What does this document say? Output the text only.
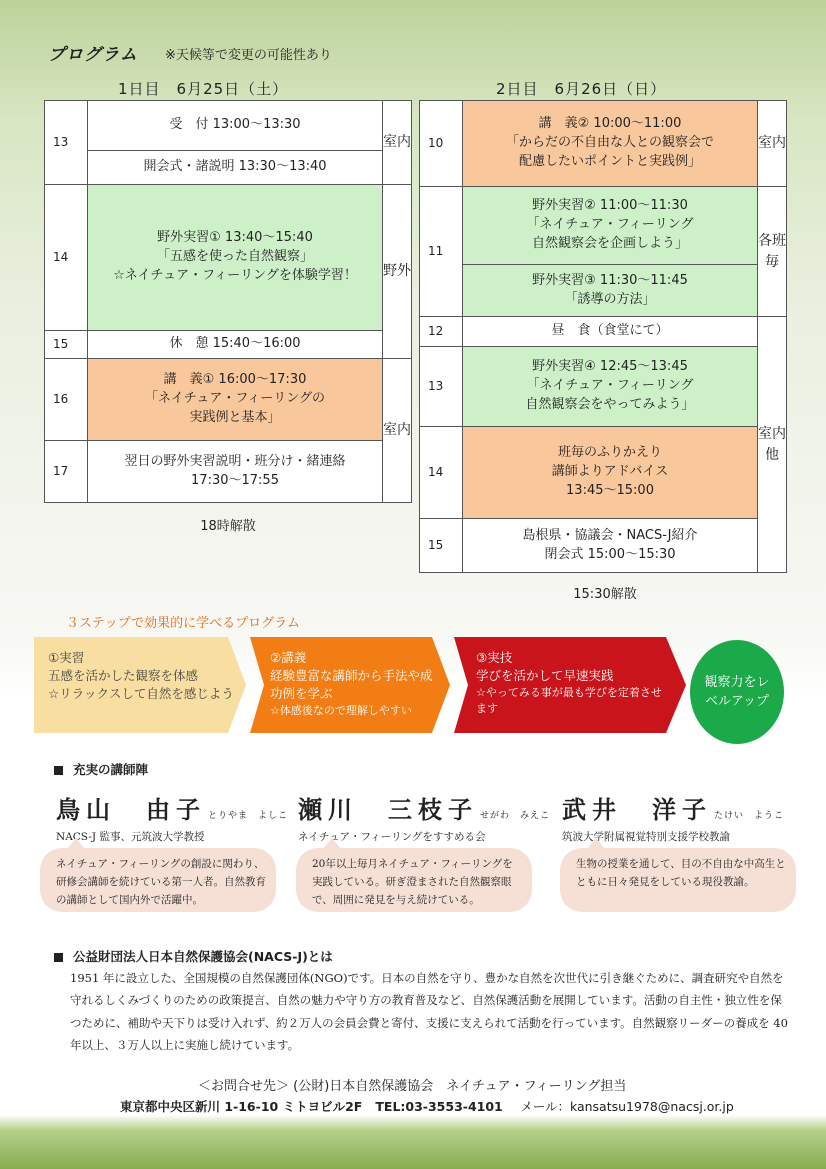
プログラム ※天候等で変更の可能性あり
1日目　6月25日（土）
13	受　付 13:00〜13:30	室内

	開会式・諸説明 13:30〜13:40	

14	野外実習① 13:40〜15:40
「五感を使った自然観察」
☆ネイチュア・フィーリングを体験学習！	野外
15	休　憩 15:40〜16:00	

16	講　義① 16:00〜17:30
「ネイチュア・フィーリングの
実践例と基本」	室内
17	翌日の野外実習説明・班分け・緒連絡
17:30〜17:55	
18時解散
2日目　6月26日（日）
10	講　義② 10:00〜11:00
「からだの不自由な人との観察会で
配慮したいポイントと実践例」	室内
11	野外実習② 11:00〜11:30
「ネイチュア・フィーリング
自然観察会を企画しよう」	各班毎

	野外実習③ 11:30〜11:45
「誘導の方法」	

12	昼　食（食堂にて）	室内他
13	野外実習④ 12:45〜13:45
「ネイチュア・フィーリング
自然観察会をやってみよう」	

14	班毎のふりかえり
講師よりアドバイス
13:45〜15:00	

15	島根県・協議会・NACS-J紹介
閉会式 15:00〜15:30	
15:30解散
３ステップで効果的に学べるプログラム
①実習
五感を活かした観察を体感
☆リラックスして自然を感じよう
②講義
経験豊富な講師から手法や成功例を学ぶ
☆体感後なので理解しやすい
③実技
学びを活かして早速実践
☆やってみる事が最も学びを定着させます
観察力をレベルアップ
充実の講師陣
鳥山　由子 とりやま　よしこ
NACS-J 監事、元筑波大学教授
瀬川　三枝子 せがわ　みえこ
ネイチュア・フィーリングをすすめる会
武井　洋子 たけい　ようこ
筑波大学附属視覚特別支援学校教諭
ネイチュア・フィーリングの創設に関わり、研修会講師を続けている第一人者。自然教育の講師として国内外で活躍中。
20年以上毎月ネイチュア・フィーリングを実践している。研ぎ澄まされた自然観察眼で、周囲に発見を与え続けている。
生物の授業を通して、目の不自由な中高生とともに日々発見をしている現役教諭。
公益財団法人日本自然保護協会(NACS-J)とは
1951 年に設立した、全国規模の自然保護団体(NGO)です。日本の自然を守り、豊かな自然を次世代に引き継ぐために、調査研究や自然を守れるしくみづくりのための政策提言、自然の魅力や守り方の教育普及など、自然保護活動を展開しています。活動の自主性・独立性を保つために、補助や天下りは受け入れず、約２万人の会員会費と寄付、支援に支えられて活動を行っています。自然観察リーダーの養成を 40 年以上、３万人以上に実施し続けています。
＜お問合せ先＞ (公財)日本自然保護協会　ネイチュア・フィーリング担当
東京都中央区新川 1-16-10 ミトヨビル2F TEL:03-3553-4101 メール：kansatsu1978@nacsj.or.jp
